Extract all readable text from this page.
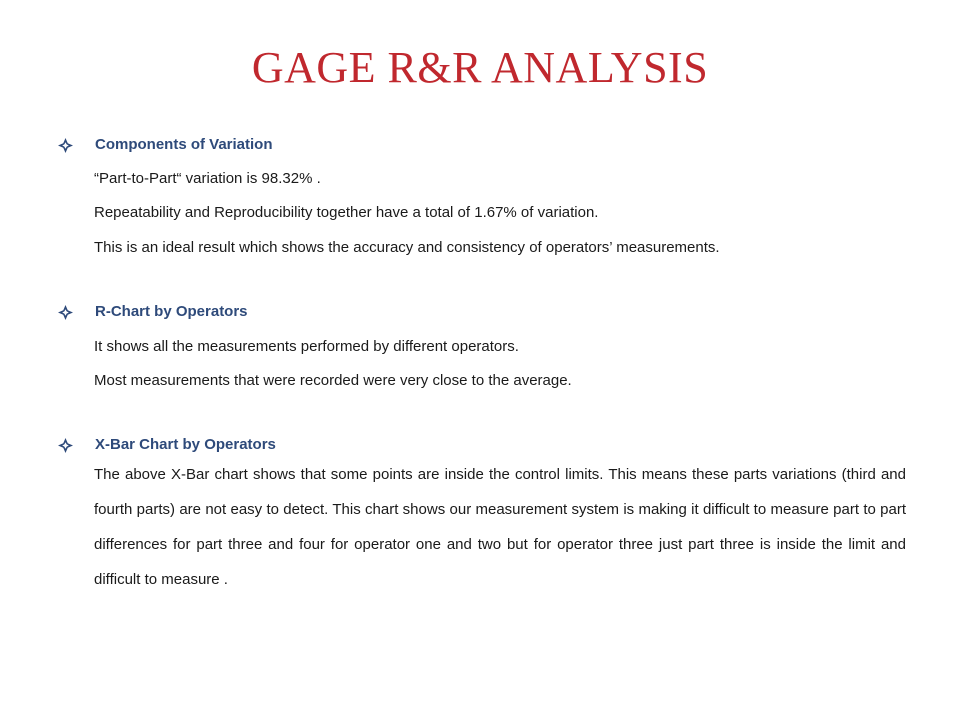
GAGE R&R ANALYSIS
Components of Variation
“Part-to-Part“ variation is 98.32% .
Repeatability and Reproducibility together have a total of 1.67% of variation.
This is an ideal result which shows the accuracy and consistency of operators’ measurements.
R-Chart by Operators
It shows all the measurements performed by different operators.
Most measurements that were recorded were very close to the average.
X-Bar Chart by Operators
The above X-Bar chart shows that some points are inside the control limits. This means these parts variations (third and fourth parts) are not easy to detect. This chart shows our measurement system is making it difficult to measure part to part differences for part three and four for operator one and two but for operator three just part three is inside the limit and difficult to measure .
